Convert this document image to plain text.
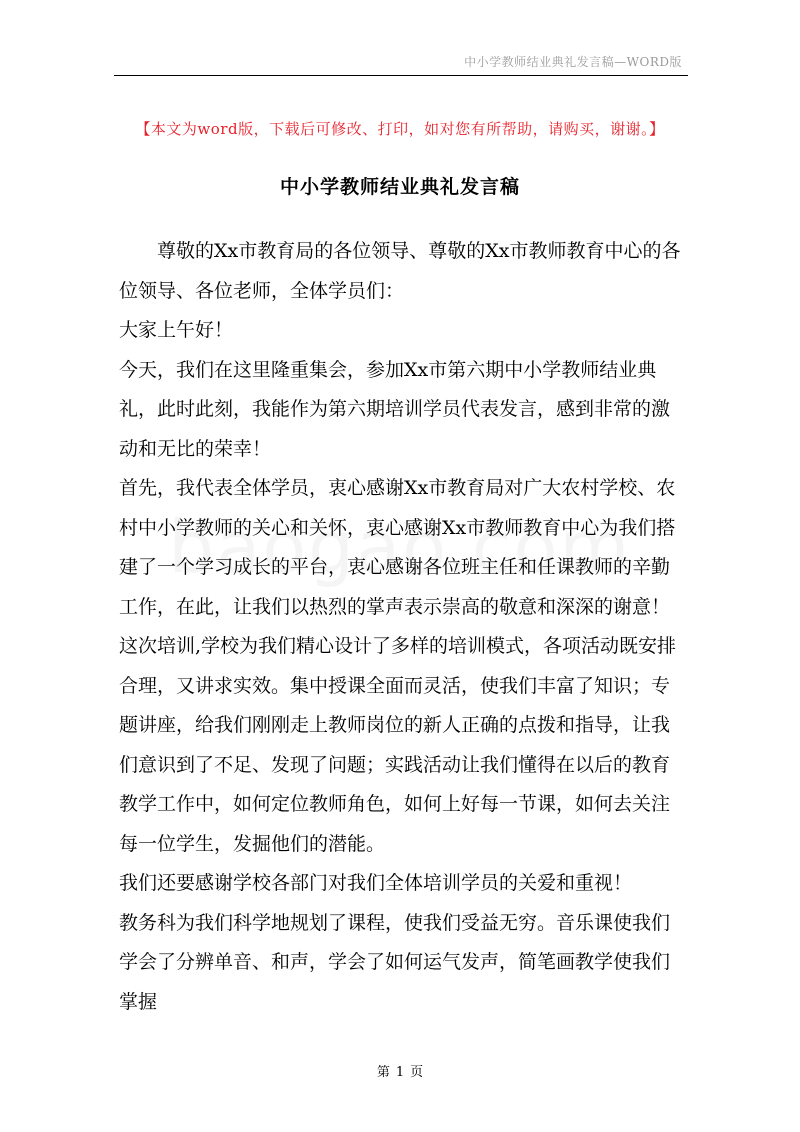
中小学教师结业典礼发言稿—WORD版
【本文为word版，下载后可修改、打印，如对您有所帮助，请购买，谢谢。】
中小学教师结业典礼发言稿

尊敬的Xx市教育局的各位领导、尊敬的Xx市教师教育中心的各位领导、各位老师，全体学员们：

大家上午好！

今天，我们在这里隆重集会，参加Xx市第六期中小学教师结业典礼，此时此刻，我能作为第六期培训学员代表发言，感到非常的激动和无比的荣幸！

首先，我代表全体学员，衷心感谢Xx市教育局对广大农村学校、农村中小学教师的关心和关怀，衷心感谢Xx市教师教育中心为我们搭建了一个学习成长的平台，衷心感谢各位班主任和任课教师的辛勤工作，在此，让我们以热烈的掌声表示崇高的敬意和深深的谢意！

这次培训,学校为我们精心设计了多样的培训模式，各项活动既安排合理，又讲求实效。集中授课全面而灵活，使我们丰富了知识；专题讲座，给我们刚刚走上教师岗位的新人正确的点拨和指导，让我们意识到了不足、发现了问题；实践活动让我们懂得在以后的教育教学工作中，如何定位教师角色，如何上好每一节课，如何去关注每一位学生，发掘他们的潜能。

我们还要感谢学校各部门对我们全体培训学员的关爱和重视！

教务科为我们科学地规划了课程，使我们受益无穷。音乐课使我们学会了分辨单音、和声，学会了如何运气发声，简笔画教学使我们掌握

第 1 页
